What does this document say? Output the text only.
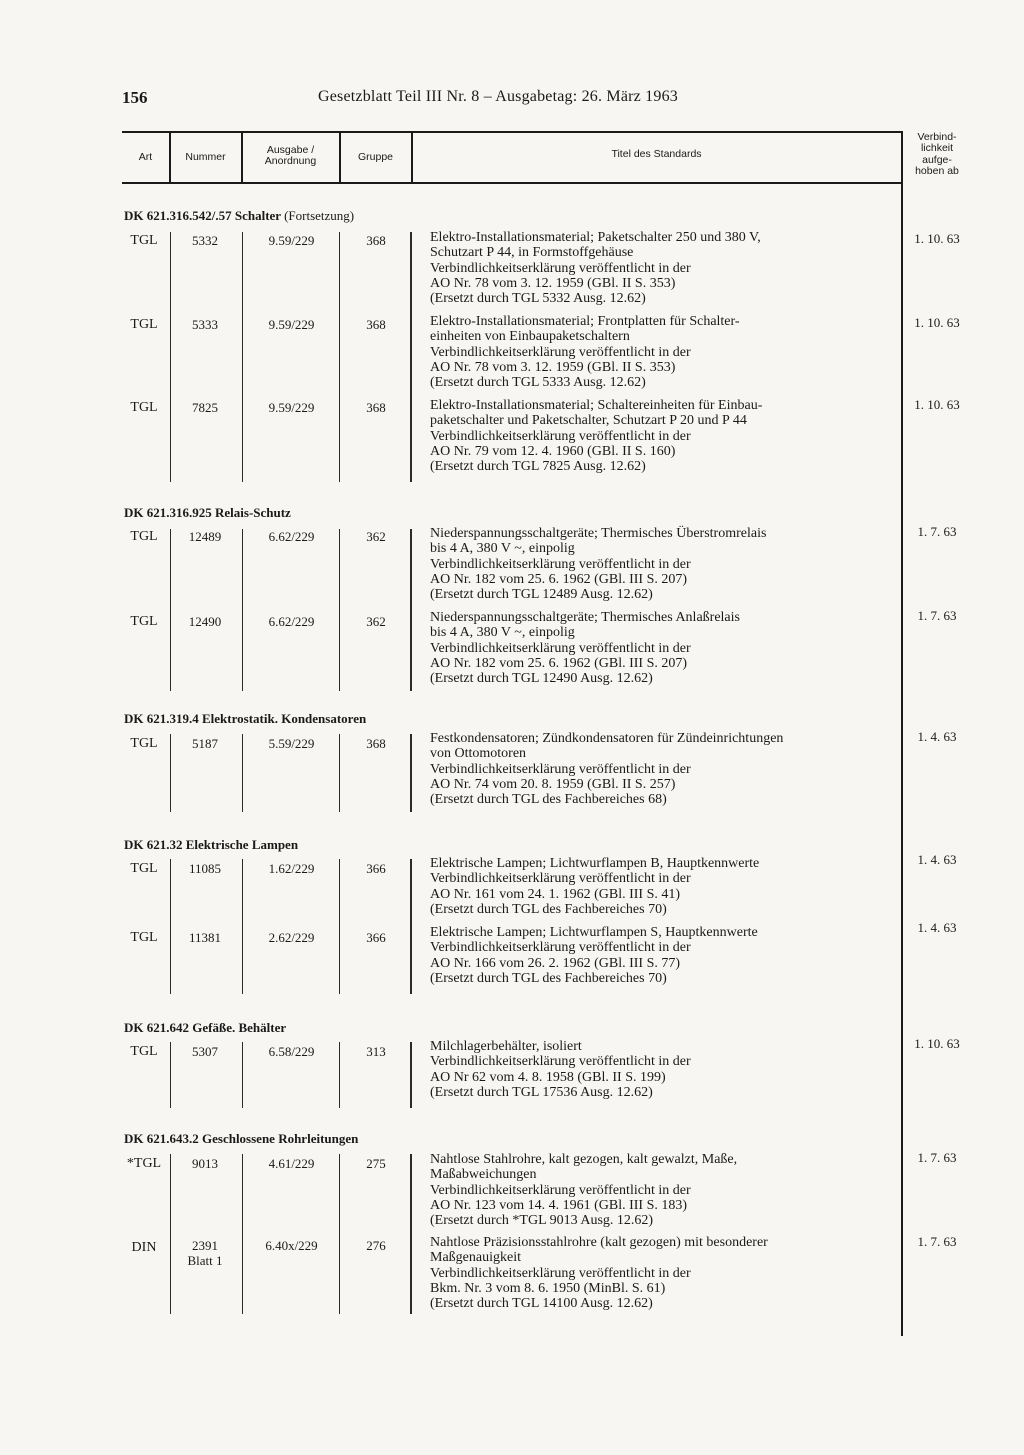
156	Gesetzblatt Teil III Nr. 8 – Ausgabetag: 26. März 1963
Art	Nummer
Ausgabe /
Anordnung	Gruppe	Titel des Standards
Verbind-
lichkeit
aufge-
hoben ab
DK 621.316.542/.57 Schalter (Fortsetzung)
TGL	5332	9.59/229	368	Elektro-Installationsmaterial; Paketschalter 250 und 380 V,
Schutzart P 44, in Formstoffgehäuse
Verbindlichkeitserklärung veröffentlicht in der
AO Nr. 78 vom 3. 12. 1959 (GBl. II S. 353)
(Ersetzt durch TGL 5332 Ausg. 12.62)
1. 10. 63
TGL	5333	9.59/229	368	Elektro-Installationsmaterial; Frontplatten für Schalter-
einheiten von Einbaupaketschaltern
Verbindlichkeitserklärung veröffentlicht in der
AO Nr. 78 vom 3. 12. 1959 (GBl. II S. 353)
(Ersetzt durch TGL 5333 Ausg. 12.62)
1. 10. 63
TGL	7825	9.59/229	368	Elektro-Installationsmaterial; Schaltereinheiten für Einbau-
paketschalter und Paketschalter, Schutzart P 20 und P 44
Verbindlichkeitserklärung veröffentlicht in der
AO Nr. 79 vom 12. 4. 1960 (GBl. II S. 160)
(Ersetzt durch TGL 7825 Ausg. 12.62)
1. 10. 63
DK 621.316.925 Relais-Schutz
TGL	12489	6.62/229	362	Niederspannungsschaltgeräte; Thermisches Überstromrelais
bis 4 A, 380 V ~, einpolig
Verbindlichkeitserklärung veröffentlicht in der
AO Nr. 182 vom 25. 6. 1962 (GBl. III S. 207)
(Ersetzt durch TGL 12489 Ausg. 12.62)
1. 7. 63
TGL	12490	6.62/229	362	Niederspannungsschaltgeräte; Thermisches Anlaßrelais
bis 4 A, 380 V ~, einpolig
Verbindlichkeitserklärung veröffentlicht in der
AO Nr. 182 vom 25. 6. 1962 (GBl. III S. 207)
(Ersetzt durch TGL 12490 Ausg. 12.62)
1. 7. 63
DK 621.319.4 Elektrostatik. Kondensatoren
TGL	5187	5.59/229	368	Festkondensatoren; Zündkondensatoren für Zündeinrichtungen
von Ottomotoren
Verbindlichkeitserklärung veröffentlicht in der
AO Nr. 74 vom 20. 8. 1959 (GBl. II S. 257)
(Ersetzt durch TGL des Fachbereiches 68)
1. 4. 63
DK 621.32 Elektrische Lampen
TGL	11085	1.62/229	366	Elektrische Lampen; Lichtwurflampen B, Hauptkennwerte
Verbindlichkeitserklärung veröffentlicht in der
AO Nr. 161 vom 24. 1. 1962 (GBl. III S. 41)
(Ersetzt durch TGL des Fachbereiches 70)
1. 4. 63
TGL	11381	2.62/229	366	Elektrische Lampen; Lichtwurflampen S, Hauptkennwerte
Verbindlichkeitserklärung veröffentlicht in der
AO Nr. 166 vom 26. 2. 1962 (GBl. III S. 77)
(Ersetzt durch TGL des Fachbereiches 70)
1. 4. 63
DK 621.642 Gefäße. Behälter
TGL	5307	6.58/229	313	Milchlagerbehälter, isoliert
Verbindlichkeitserklärung veröffentlicht in der
AO Nr 62 vom 4. 8. 1958 (GBl. II S. 199)
(Ersetzt durch TGL 17536 Ausg. 12.62)
1. 10. 63
DK 621.643.2 Geschlossene Rohrleitungen
*TGL	9013	4.61/229	275	Nahtlose Stahlrohre, kalt gezogen, kalt gewalzt, Maße,
Maßabweichungen
Verbindlichkeitserklärung veröffentlicht in der
AO Nr. 123 vom 14. 4. 1961 (GBl. III S. 183)
(Ersetzt durch *TGL 9013 Ausg. 12.62)
1. 7. 63
DIN	2391
Blatt 1
6.40x/229	276	Nahtlose Präzisionsstahlrohre (kalt gezogen) mit besonderer
Maßgenauigkeit
Verbindlichkeitserklärung veröffentlicht in der
Bkm. Nr. 3 vom 8. 6. 1950 (MinBl. S. 61)
(Ersetzt durch TGL 14100 Ausg. 12.62)
1. 7. 63
